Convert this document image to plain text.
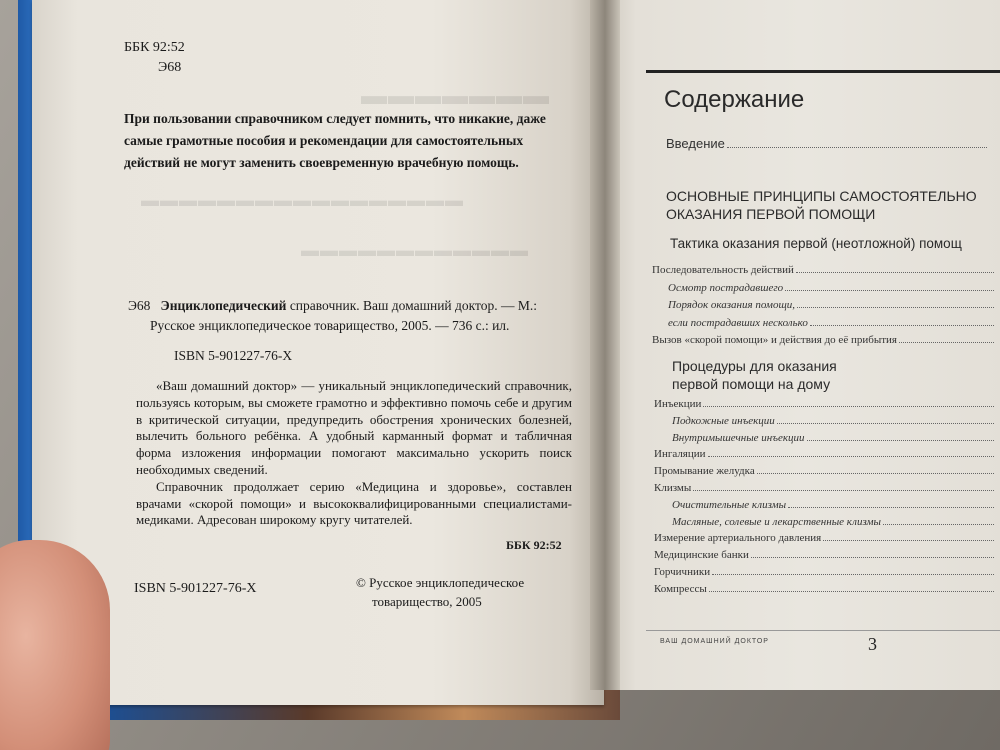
▬▬▬▬▬▬▬
▬▬▬▬▬▬▬▬▬▬▬▬▬▬▬▬▬
▬▬▬▬▬▬▬▬▬▬▬▬
ББК 92:52
Э68
При пользовании справочником следует помнить, что никакие, даже самые грамотные пособия и рекомендации для самостоятельных действий не могут заменить своевременную врачебную помощь.
Э68 Энциклопедический справочник. Ваш домашний доктор. — М.:
Русское энциклопедическое товарищество, 2005. — 736 с.: ил.
ISBN 5-901227-76-X

«Ваш домашний доктор» — уникальный энциклопедический справочник, пользуясь которым, вы сможете грамотно и эффективно помочь себе и другим в критической ситуации, предупредить обострения хронических болезней, вылечить больного ребёнка. А удобный карманный формат и табличная форма изложения информации помогают максимально ускорить поиск необходимых сведений.

Справочник продолжает серию «Медицина и здоровье», составлен врачами «скорой помощи» и высококвалифицированными специалистами-медиками. Адресован широкому кругу читателей.

ББК 92:52
ISBN 5-901227-76-X	© Русское энциклопедическое
товарищество, 2005
Содержание
Введение
ОСНОВНЫЕ ПРИНЦИПЫ САМОСТОЯТЕЛЬНО
ОКАЗАНИЯ ПЕРВОЙ ПОМОЩИ
Тактика оказания первой (неотложной) помощ
Процедуры для оказания
первой помощи на дому
ВАШ ДОМАШНИЙ ДОКТОР	3
Последовательность действий
Осмотр пострадавшего
Порядок оказания помощи,
если пострадавших несколько
Вызов «скорой помощи» и действия до её прибытия
Инъекции
Подкожные инъекции
Внутримышечные инъекции
Ингаляции
Промывание желудка
Клизмы
Очистительные клизмы
Масляные, солевые и лекарственные клизмы
Измерение артериального давления
Медицинские банки
Горчичники
Компрессы
